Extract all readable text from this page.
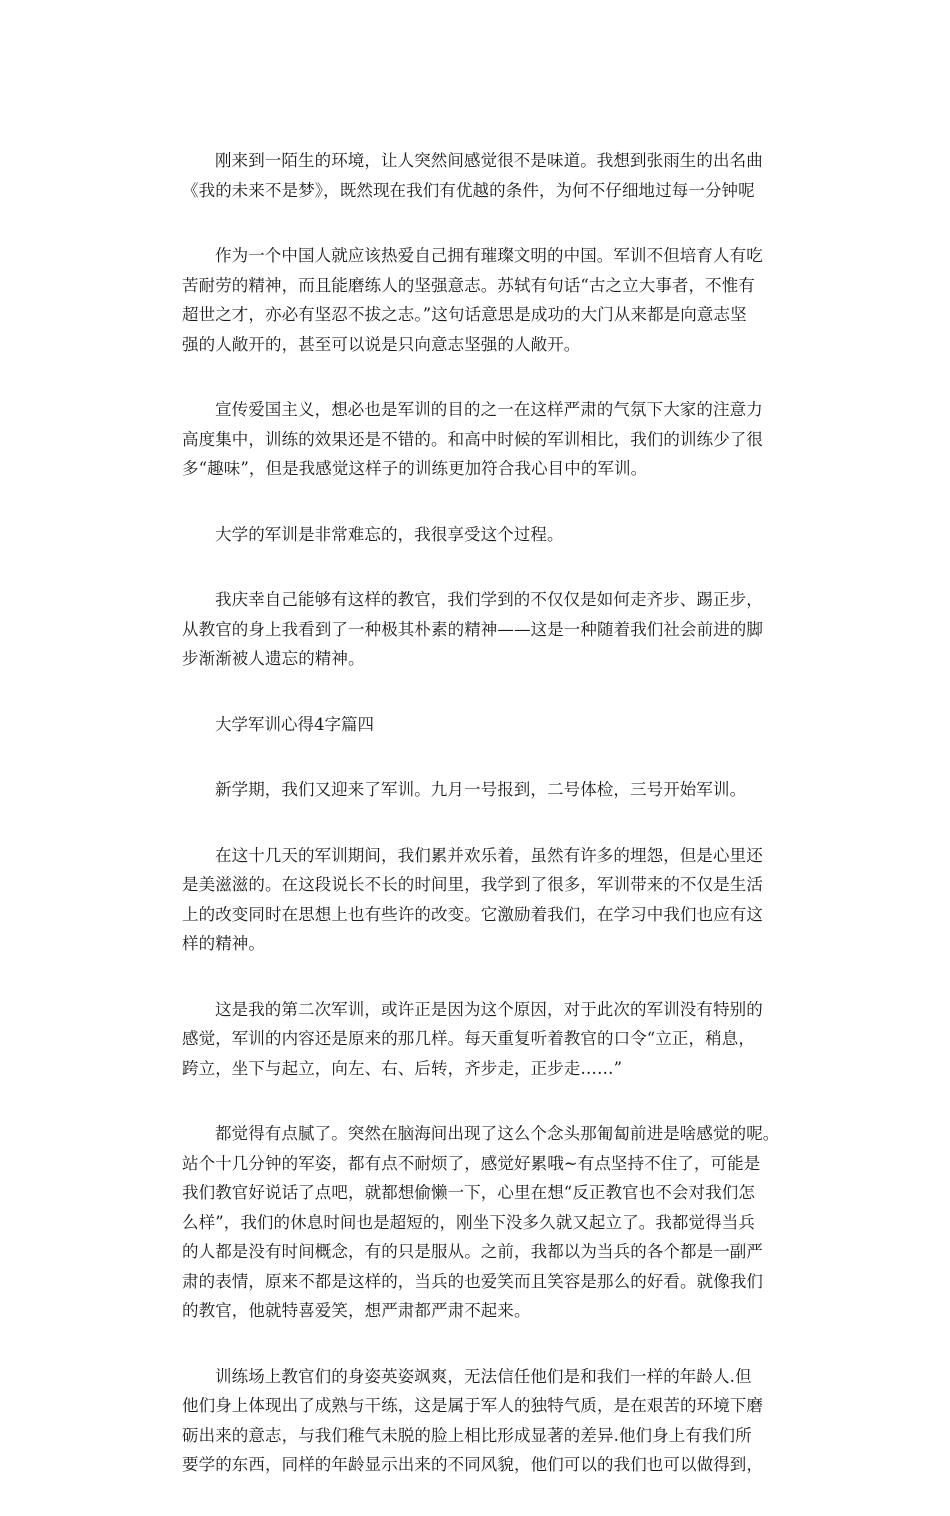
刚来到一陌生的环境，让人突然间感觉很不是味道。我想到张雨生的出名曲
《我的未来不是梦》，既然现在我们有优越的条件，为何不仔细地过每一分钟呢

作为一个中国人就应该热爱自己拥有璀璨文明的中国。军训不但培育人有吃
苦耐劳的精神，而且能磨练人的坚强意志。苏轼有句话“古之立大事者，不惟有
超世之才，亦必有坚忍不拔之志。”这句话意思是成功的大门从来都是向意志坚
强的人敞开的，甚至可以说是只向意志坚强的人敞开。

宣传爱国主义，想必也是军训的目的之一在这样严肃的气氛下大家的注意力
高度集中，训练的效果还是不错的。和高中时候的军训相比，我们的训练少了很
多“趣味”，但是我感觉这样子的训练更加符合我心目中的军训。

大学的军训是非常难忘的，我很享受这个过程。

我庆幸自己能够有这样的教官，我们学到的不仅仅是如何走齐步、踢正步，
从教官的身上我看到了一种极其朴素的精神——这是一种随着我们社会前进的脚
步渐渐被人遗忘的精神。

大学军训心得4字篇四

新学期，我们又迎来了军训。九月一号报到，二号体检，三号开始军训。

在这十几天的军训期间，我们累并欢乐着，虽然有许多的埋怨，但是心里还
是美滋滋的。在这段说长不长的时间里，我学到了很多，军训带来的不仅是生活
上的改变同时在思想上也有些许的改变。它激励着我们，在学习中我们也应有这
样的精神。

这是我的第二次军训，或许正是因为这个原因，对于此次的军训没有特别的
感觉，军训的内容还是原来的那几样。每天重复听着教官的口令“立正，稍息，
跨立，坐下与起立，向左、右、后转，齐步走，正步走……”

都觉得有点腻了。突然在脑海间出现了这么个念头那匍匐前进是啥感觉的呢。
站个十几分钟的军姿，都有点不耐烦了，感觉好累哦~有点坚持不住了，可能是
我们教官好说话了点吧，就都想偷懒一下，心里在想“反正教官也不会对我们怎
么样”，我们的休息时间也是超短的，刚坐下没多久就又起立了。我都觉得当兵
的人都是没有时间概念，有的只是服从。之前，我都以为当兵的各个都是一副严
肃的表情，原来不都是这样的，当兵的也爱笑而且笑容是那么的好看。就像我们
的教官，他就特喜爱笑，想严肃都严肃不起来。

训练场上教官们的身姿英姿飒爽，无法信任他们是和我们一样的年龄人.但
他们身上体现出了成熟与干练，这是属于军人的独特气质，是在艰苦的环境下磨
砺出来的意志，与我们稚气未脱的脸上相比形成显著的差异.他们身上有我们所
要学的东西，同样的年龄显示出来的不同风貌，他们可以的我们也可以做得到，
